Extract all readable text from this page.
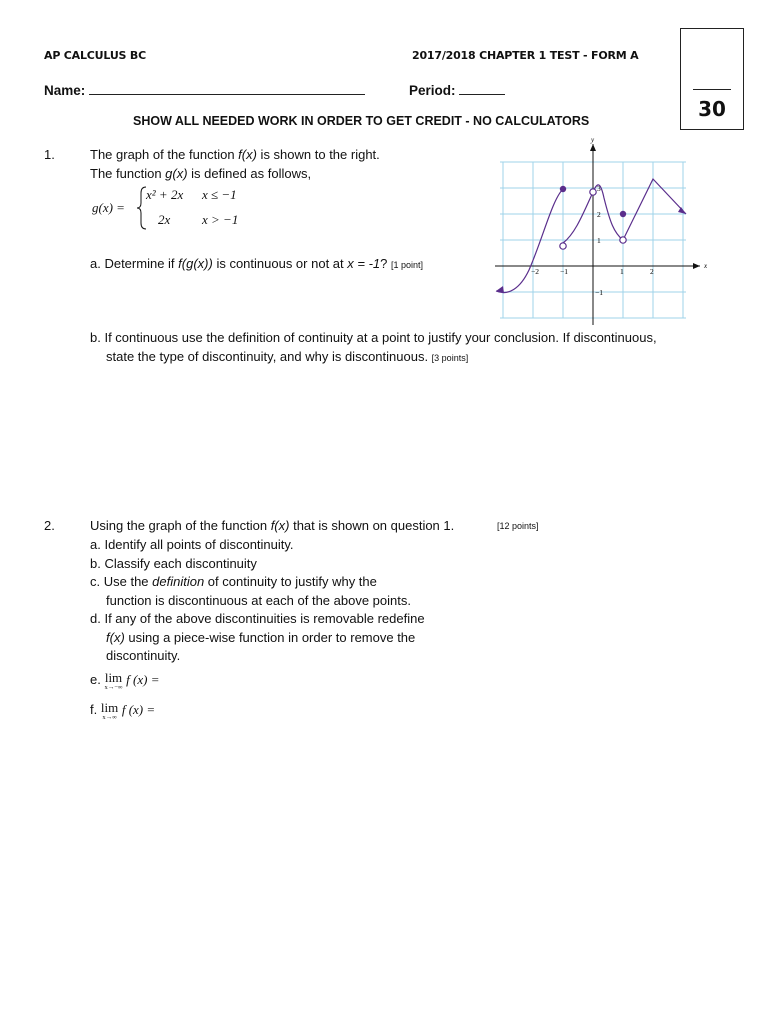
AP CALCULUS BC	2017/2018 CHAPTER 1 TEST - FORM A
Name:	Period:
30
SHOW ALL NEEDED WORK IN ORDER TO GET CREDIT - NO CALCULATORS
1.	The graph of the function f(x) is shown to the right.
The function g(x) is defined as follows,
g(x) =
x² + 2x x ≤ −1
2x x > −1
a. Determine if f(g(x)) is continuous or not at x = -1? [1 point]
b. If continuous use the definition of continuity at a point to justify your conclusion. If discontinuous,
state the type of discontinuity, and why is discontinuous. [3 points]
x
y
−2	−1	1	2
3
2
1
−1
2.	Using the graph of the function f(x) that is shown on question 1.	[12 points]
a. Identify all points of discontinuity.
b. Classify each discontinuity
c. Use the definition of continuity to justify why the
function is discontinuous at each of the above points.
d. If any of the above discontinuities is removable redefine
f(x) using a piece-wise function in order to remove the
discontinuity.
e. lim
x→−∞
f (x) =
f. lim
x→∞
f (x) =
